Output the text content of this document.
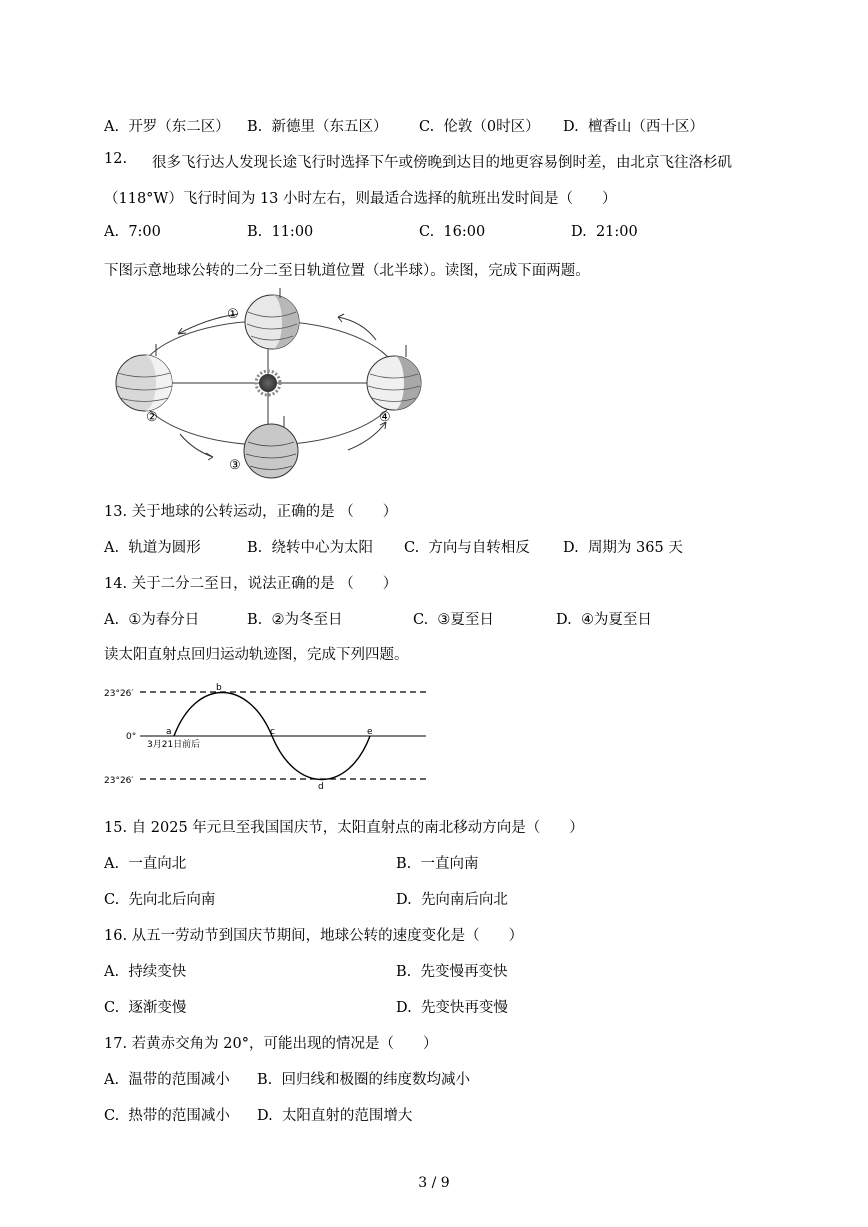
A. 开罗（东二区） B. 新德里（东五区） C. 伦敦（0时区） D. 檀香山（西十区）
12. 很多飞行达人发现长途飞行时选择下午或傍晚到达目的地更容易倒时差，由北京飞往洛杉矶
（118°W）飞行时间为 13 小时左右，则最适合选择的航班出发时间是（　　）
A. 7:00	B. 11:00	C. 16:00	D. 21:00
下图示意地球公转的二分二至日轨道位置（北半球）。读图，完成下面两题。
①
②
③
④
13. 关于地球的公转运动，正确的是 （　　）
A. 轨道为圆形	B. 绕转中心为太阳 C. 方向与自转相反 D. 周期为 365 天
14. 关于二分二至日，说法正确的是 （　　）
A. ①为春分日	B. ②为冬至日	C. ③夏至日	D. ④为夏至日
读太阳直射点回归运动轨迹图，完成下列四题。
23°26′
0°
23°26′
3月21日前后
a
b
c
d
e
15. 自 2025 年元旦至我国国庆节，太阳直射点的南北移动方向是（　　）
A. 一直向北	B. 一直向南
C. 先向北后向南	D. 先向南后向北
16. 从五一劳动节到国庆节期间，地球公转的速度变化是（　　）
A. 持续变快	B. 先变慢再变快
C. 逐渐变慢	D. 先变快再变慢
17. 若黄赤交角为 20°，可能出现的情况是（　　）
A. 温带的范围减小 B. 回归线和极圈的纬度数均减小
C. 热带的范围减小 D. 太阳直射的范围增大
3 / 9
